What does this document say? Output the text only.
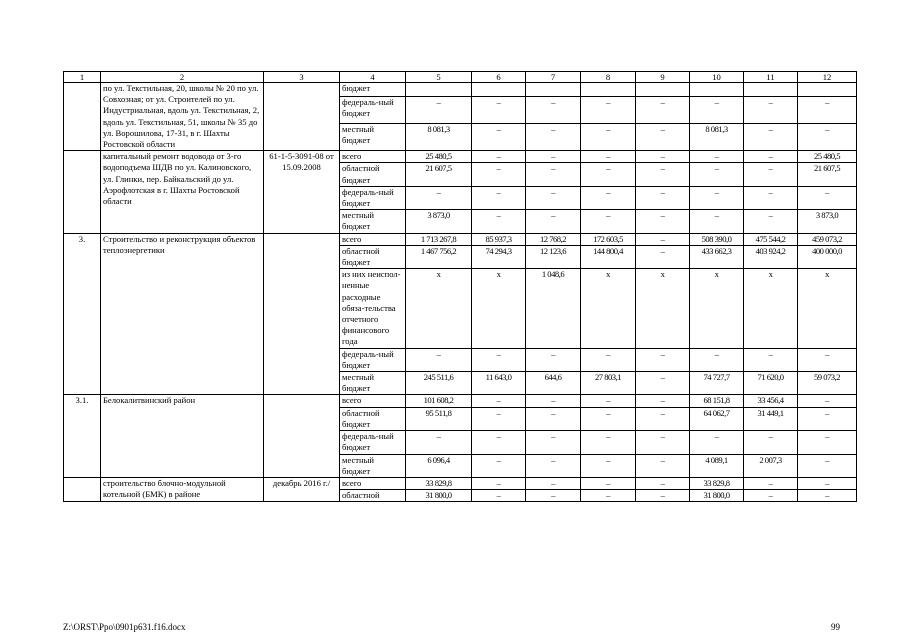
1	2	3	4	5	6	7	8	9	10	11	12
	по ул. Текстильная, 20, школы № 20 по ул. Совхозная; от ул. Строителей по ул. Индустриальная, вдоль ул. Текстильная, 2, вдоль ул. Текстильная, 51, школы № 35 до ул. Ворошилова, 17-31, в г. Шахты Ростовской области		бюджет								
			федераль-ный бюджет	–	–	–	–	–	–	–	–
			местный бюджет	8 081,3	–	–	–	–	8 081,3	–	–
	капитальный ремонт водовода от 3-го водоподъема ШДВ по ул. Калиновского, ул. Глинки, пер. Байкальский до ул. Аэрофлотская в г. Шахты Ростовской области	61-1-5-3091-08 от 15.09.2008	всего	25 480,5	–	–	–	–	–	–	25 480,5
			областной бюджет	21 607,5	–	–	–	–	–	–	21 607,5
			федераль-ный бюджет	–	–	–	–	–	–	–	–
			местный бюджет	3 873,0	–	–	–	–	–	–	3 873,0
3.	Строительство и реконструкция объектов теплоэнергетики		всего	1 713 267,8	85 937,3	12 768,2	172 603,5	–	508 390,0	475 544,2	459 073,2
			областной бюджет	1 467 756,2	74 294,3	12 123,6	144 800,4	–	433 662,3	403 924,2	400 000,0
			из них неиспол-ненные расходные обяза-тельства отчетного финансового года	х	х	1 048,6	х	х	х	х	х
			федераль-ный бюджет	–	–	–	–	–	–	–	–
			местный бюджет	245 511,6	11 643,0	644,6	27 803,1	–	74 727,7	71 620,0	59 073,2
3.1.	Белокалитвинский район		всего	101 608,2	–	–	–	–	68 151,8	33 456,4	–
			областной бюджет	95 511,8	–	–	–	–	64 062,7	31 449,1	–
			федераль-ный бюджет	–	–	–	–	–	–	–	–
			местный бюджет	6 096,4	–	–	–	–	4 089,1	2 007,3	–
	строительство блочно-модульной котельной (БМК) в районе	декабрь 2016 г./	всего	33 829,8	–	–	–	–	33 829,8	–	–
			областной	31 800,0	–	–	–	–	31 800,0	–	–
Z:\ORST\Ppo\0901p631.f16.docx	99
